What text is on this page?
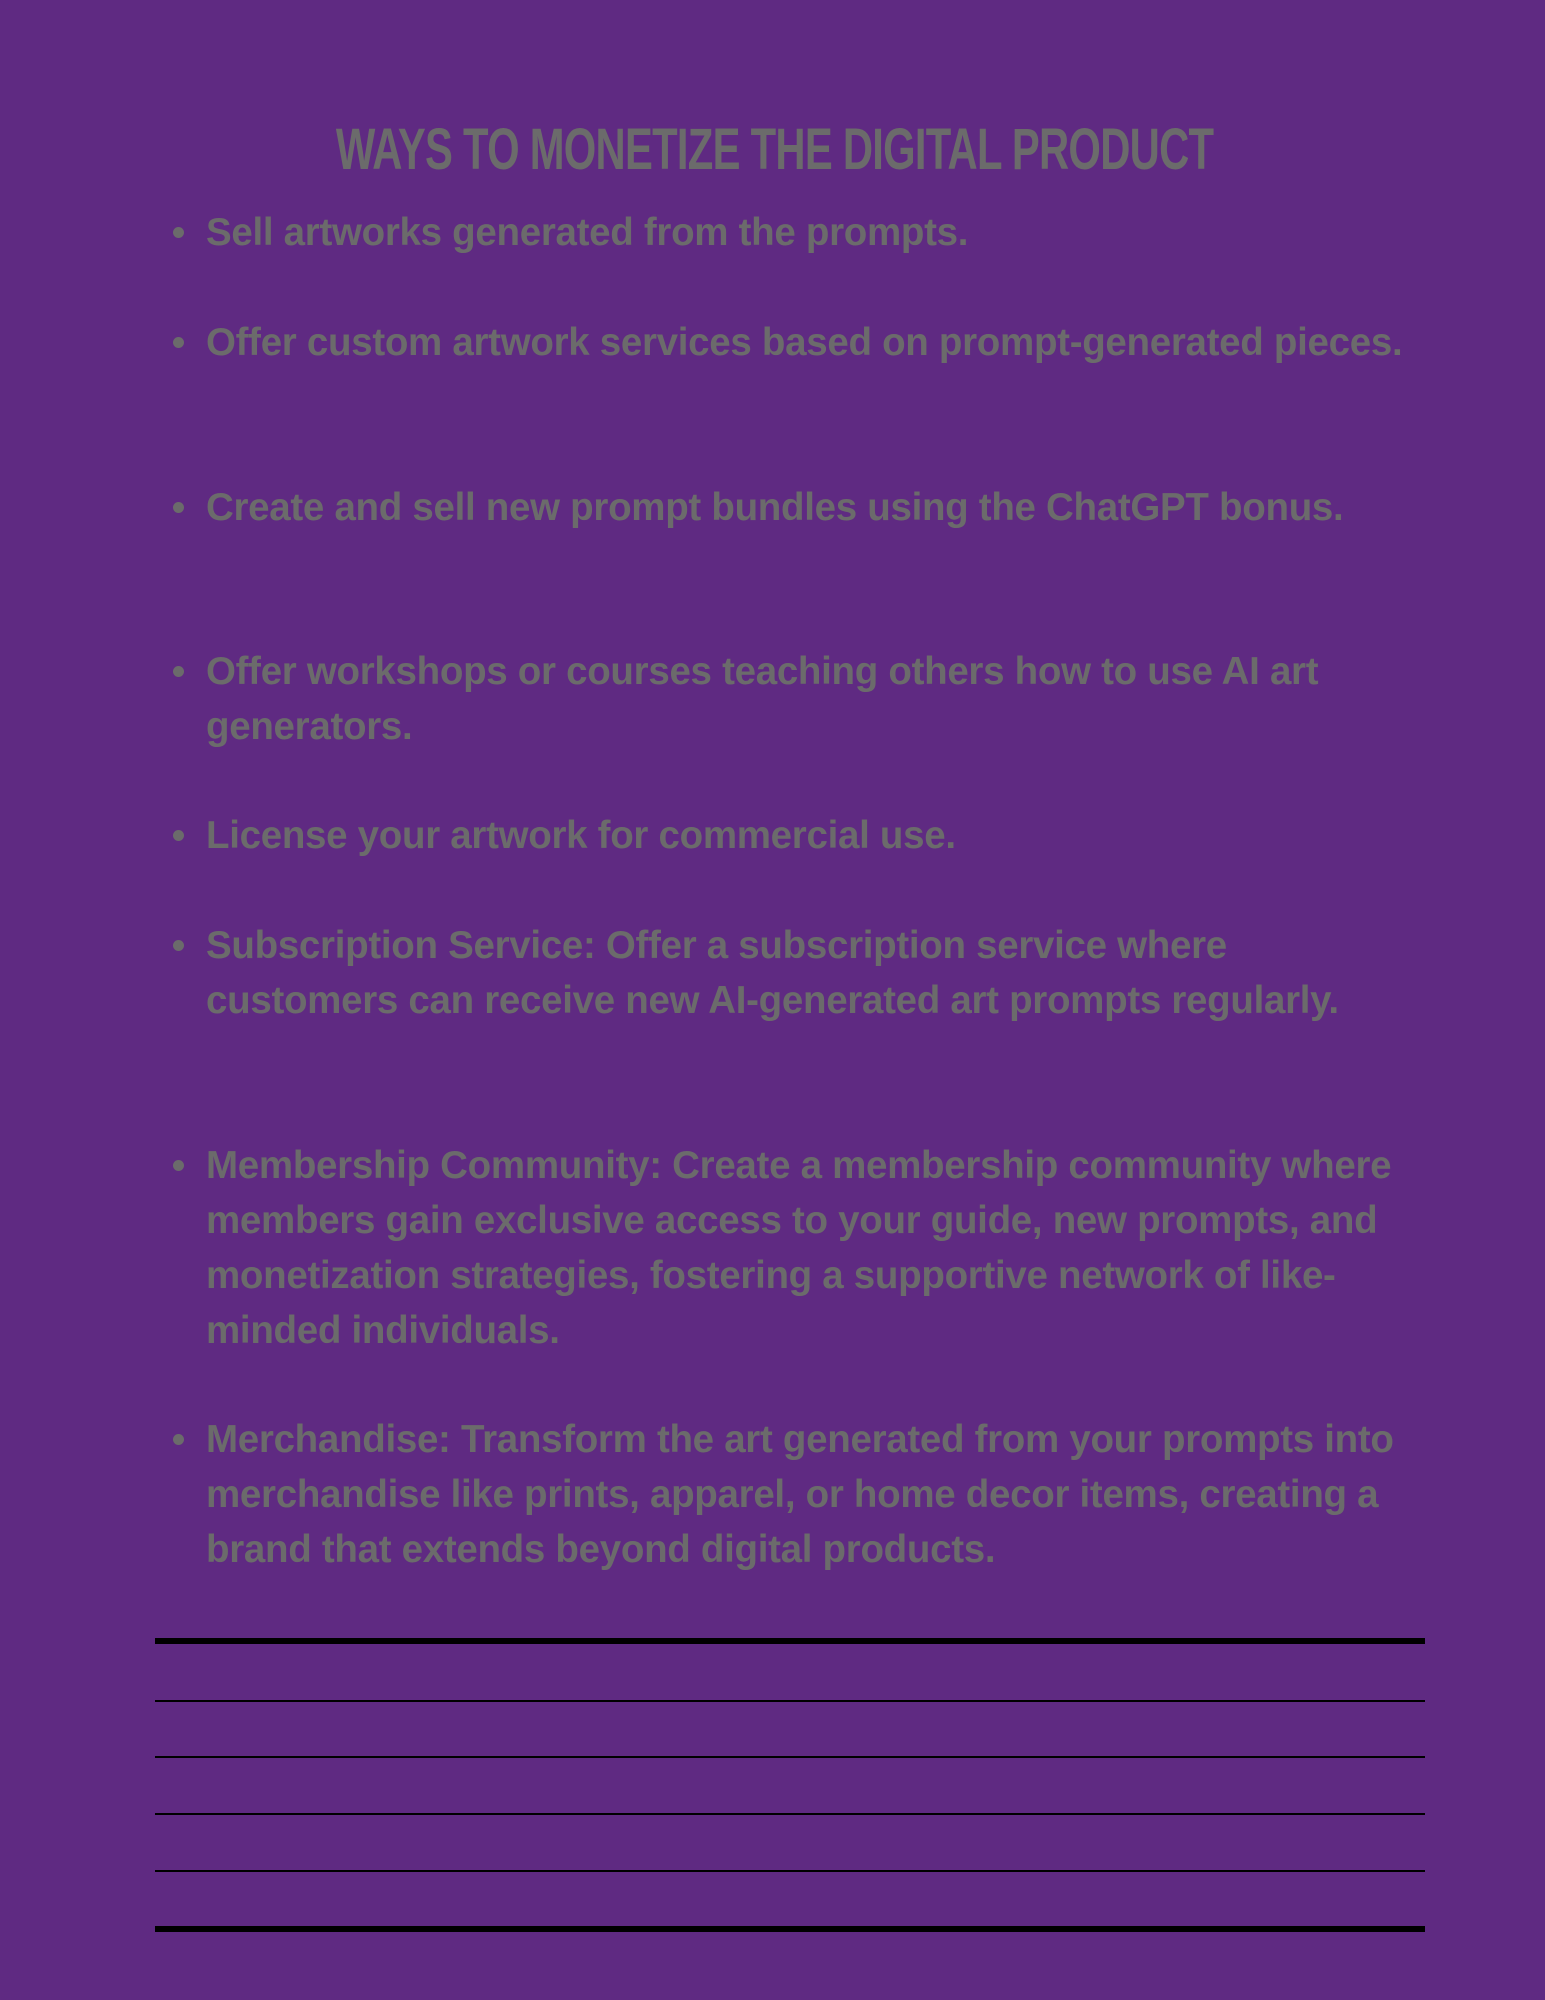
WAYS TO MONETIZE THE DIGITAL PRODUCT
Sell artworks generated from the prompts.
Offer custom artwork services based on prompt-generated pieces.
Create and sell new prompt bundles using the ChatGPT bonus.
Offer workshops or courses teaching others how to use AI art generators.
License your artwork for commercial use.
Subscription Service: Offer a subscription service where customers can receive new AI-generated art prompts regularly.
Membership Community: Create a membership community where members gain exclusive access to your guide, new prompts, and monetization strategies, fostering a supportive network of like-minded individuals.
Merchandise: Transform the art generated from your prompts into merchandise like prints, apparel, or home decor items, creating a brand that extends beyond digital products.
